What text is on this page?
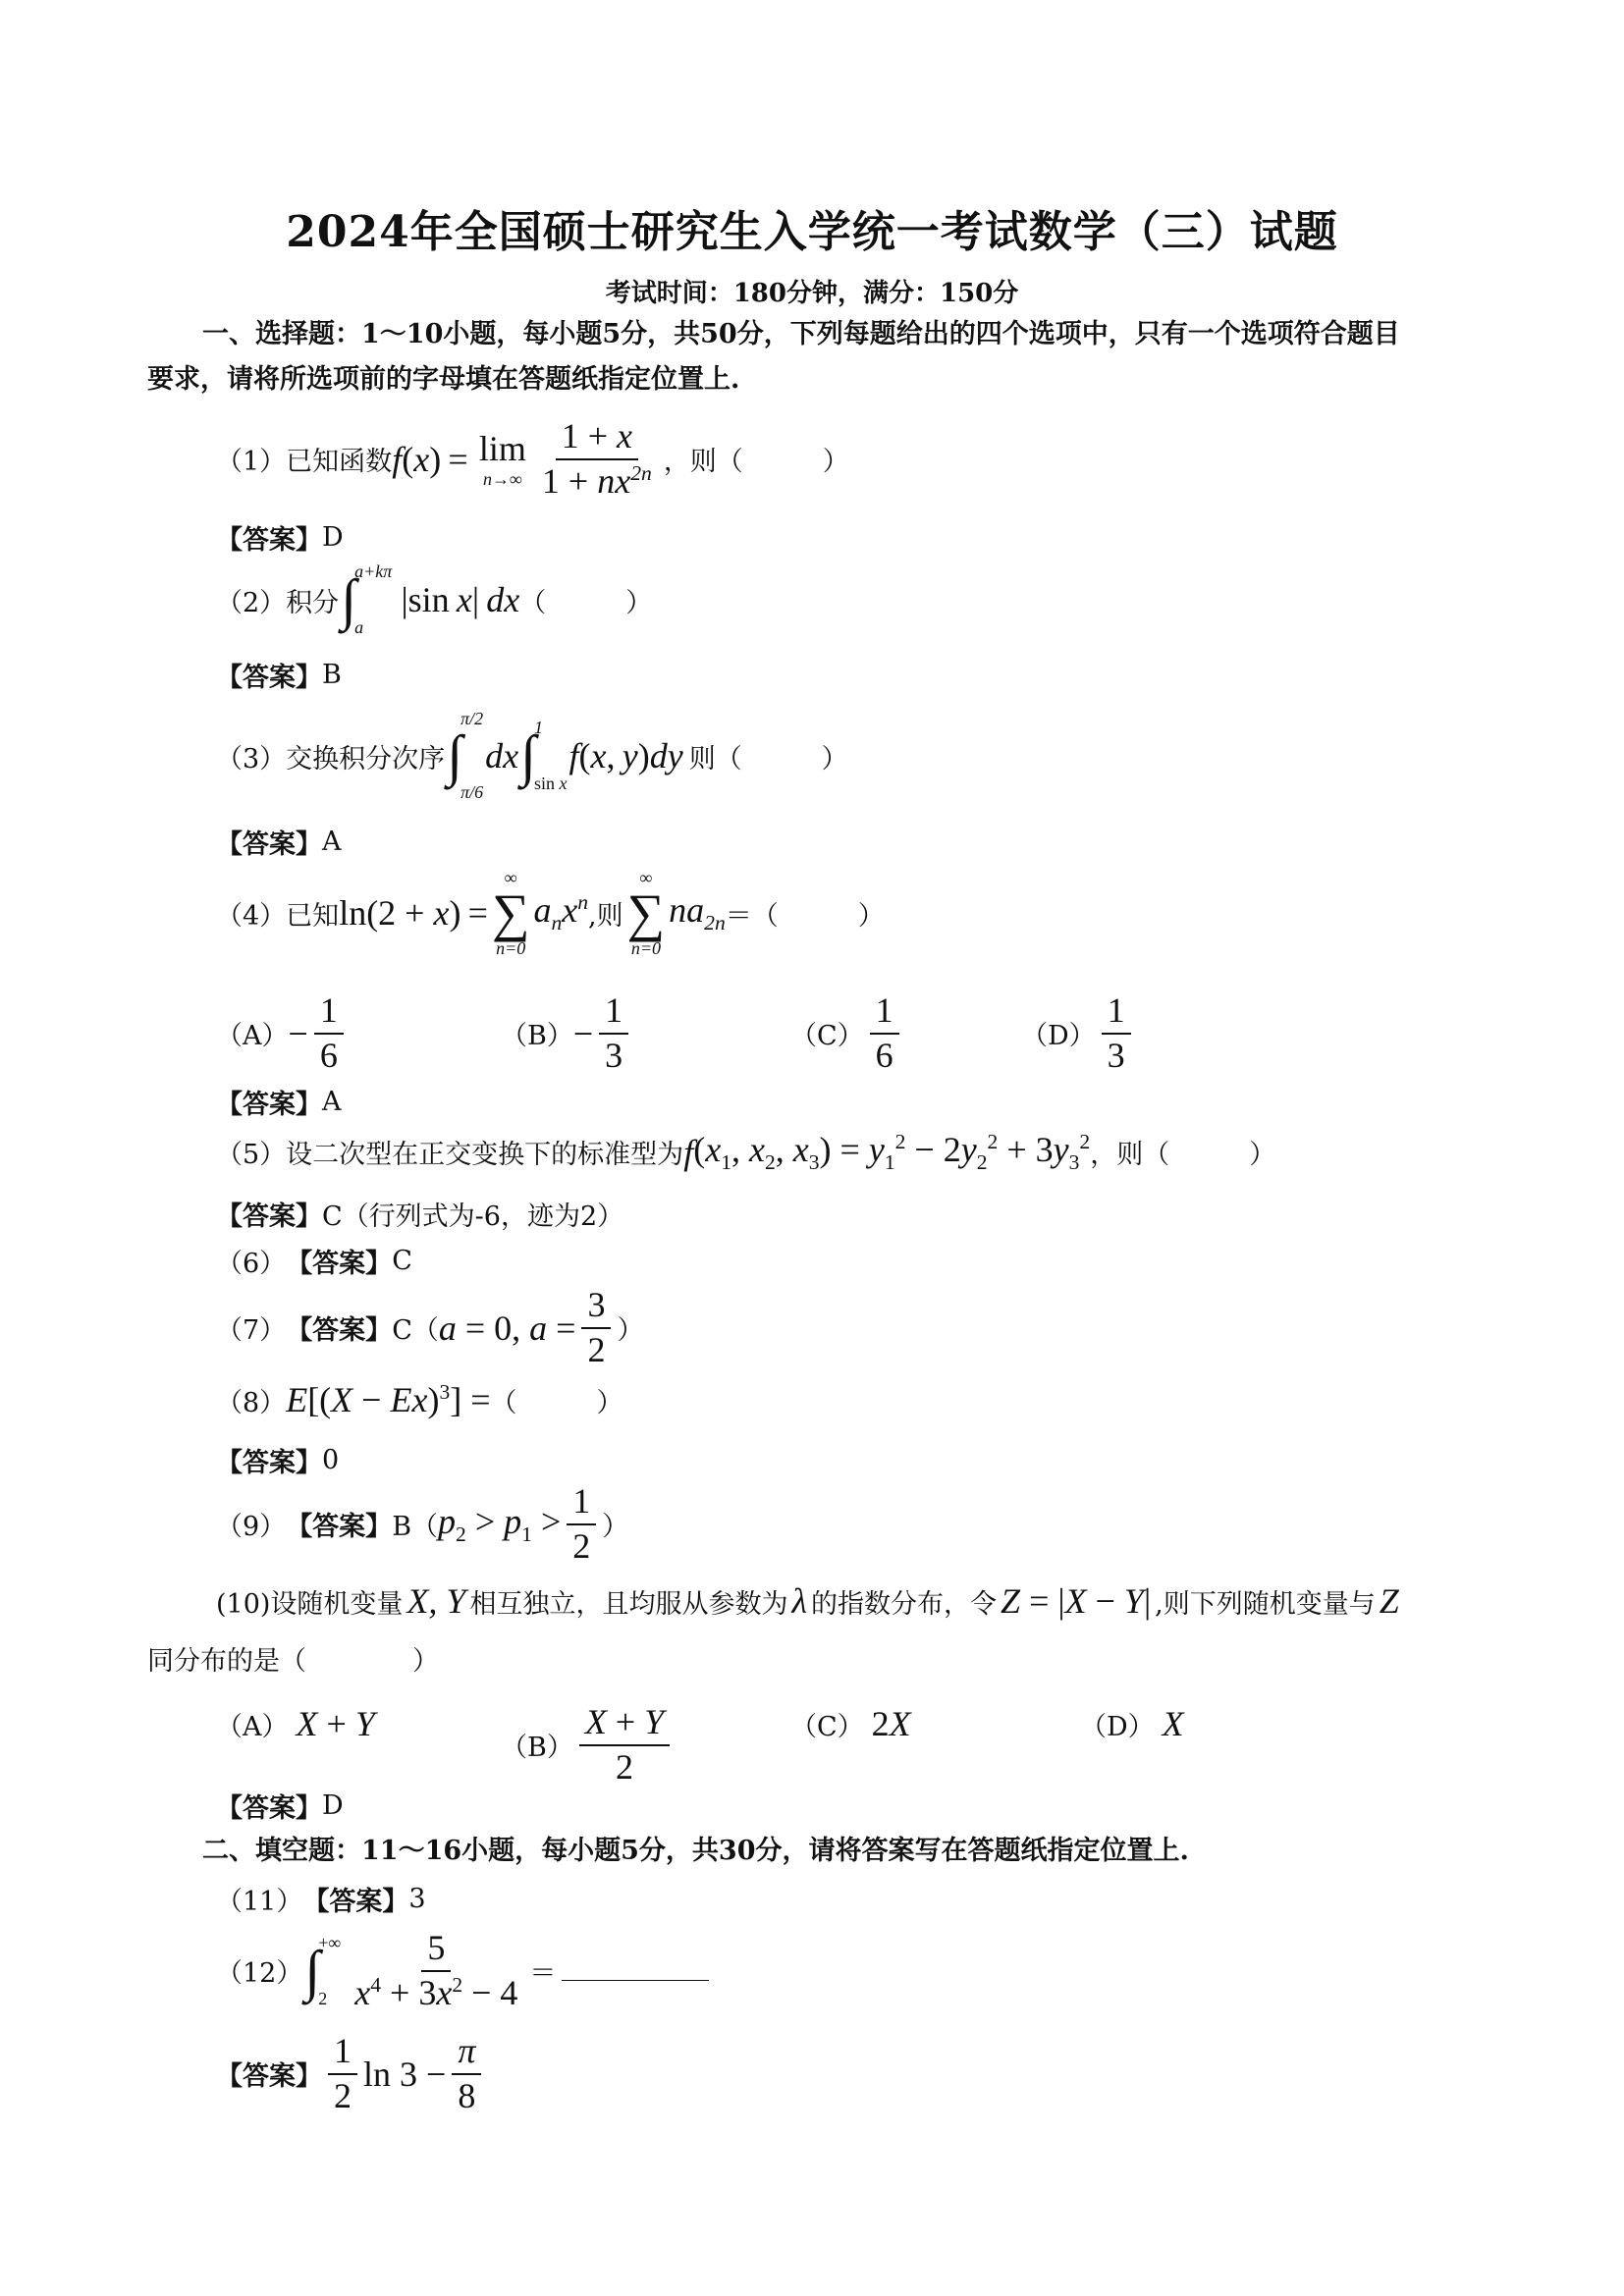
2024年全国硕士研究生入学统一考试数学（三）试题
考试时间：180分钟，满分：150分
一、选择题：1～10小题，每小题5分，共50分，下列每题给出的四个选项中，只有一个选项符合题目
要求，请将所选项前的字母填在答题纸指定位置上.
（1）已知函数 f ( x ) =  lim
$n\to\infty \frac{1 + x}{1 + nx^{2n}}$ ，则（　　　）
【答案】 D
（2）积分 ∫
a+kπ
a
 |sin x| dx （　　　）
【答案】 B
（3）交换积分次序 ∫
π/2
π/6
dx ∫
1
sin x
f (x, y) dy 则（　　　）
【答案】 A
（4）已知 ln(2 + x) =
∞
∑
n=0
$a_nx^n$ ,则
∞
∑
n=0
$na_{2n}$ ＝（　　　）
$(A) - \frac{1}{6}$	$(B) - \frac{1}{3}$	$(C) \frac{1}{6}$	$(D) \frac{1}{3}$
【答案】 A
（5）设二次型在正交变换下的标准型为 f ($x_1$, $x_2$, $x_3) = y_1^2 - 2y_2^2 + 3y_3^2$ ，则（　　　）
【答案】 C（行列式为-6，迹为2）
（6） 【答案】 C
（7） 【答案】 C（ a = 0, $a = \frac{3}{2}$ ）
（8） $E[(X - Ex)^3]$ = （　　　）
【答案】 0
（9） 【答案】 B（ $p_2 > p_1 > \frac{1}{2}$ ）
(10)设随机变量 X, Y 相互独立，且均服从参数为 λ 的指数分布，令 Z = |X − Y| ,则下列随机变量与 Z
同分布的是（　　　　）
（A） X + Y
$(B) \frac{X + Y}{2}$	（C） 2X	（D） X
【答案】 D
二、填空题：11～16小题，每小题5分，共30分，请将答案写在答题纸指定位置上.
（11） 【答案】 3
（12） ∫
+∞
$2 \frac{5}{x^4 + 3x^2 - 4}$ ＝
【答案】 $\frac{1}{2}$ $\ln 3 - \frac{\pi}{8}$
